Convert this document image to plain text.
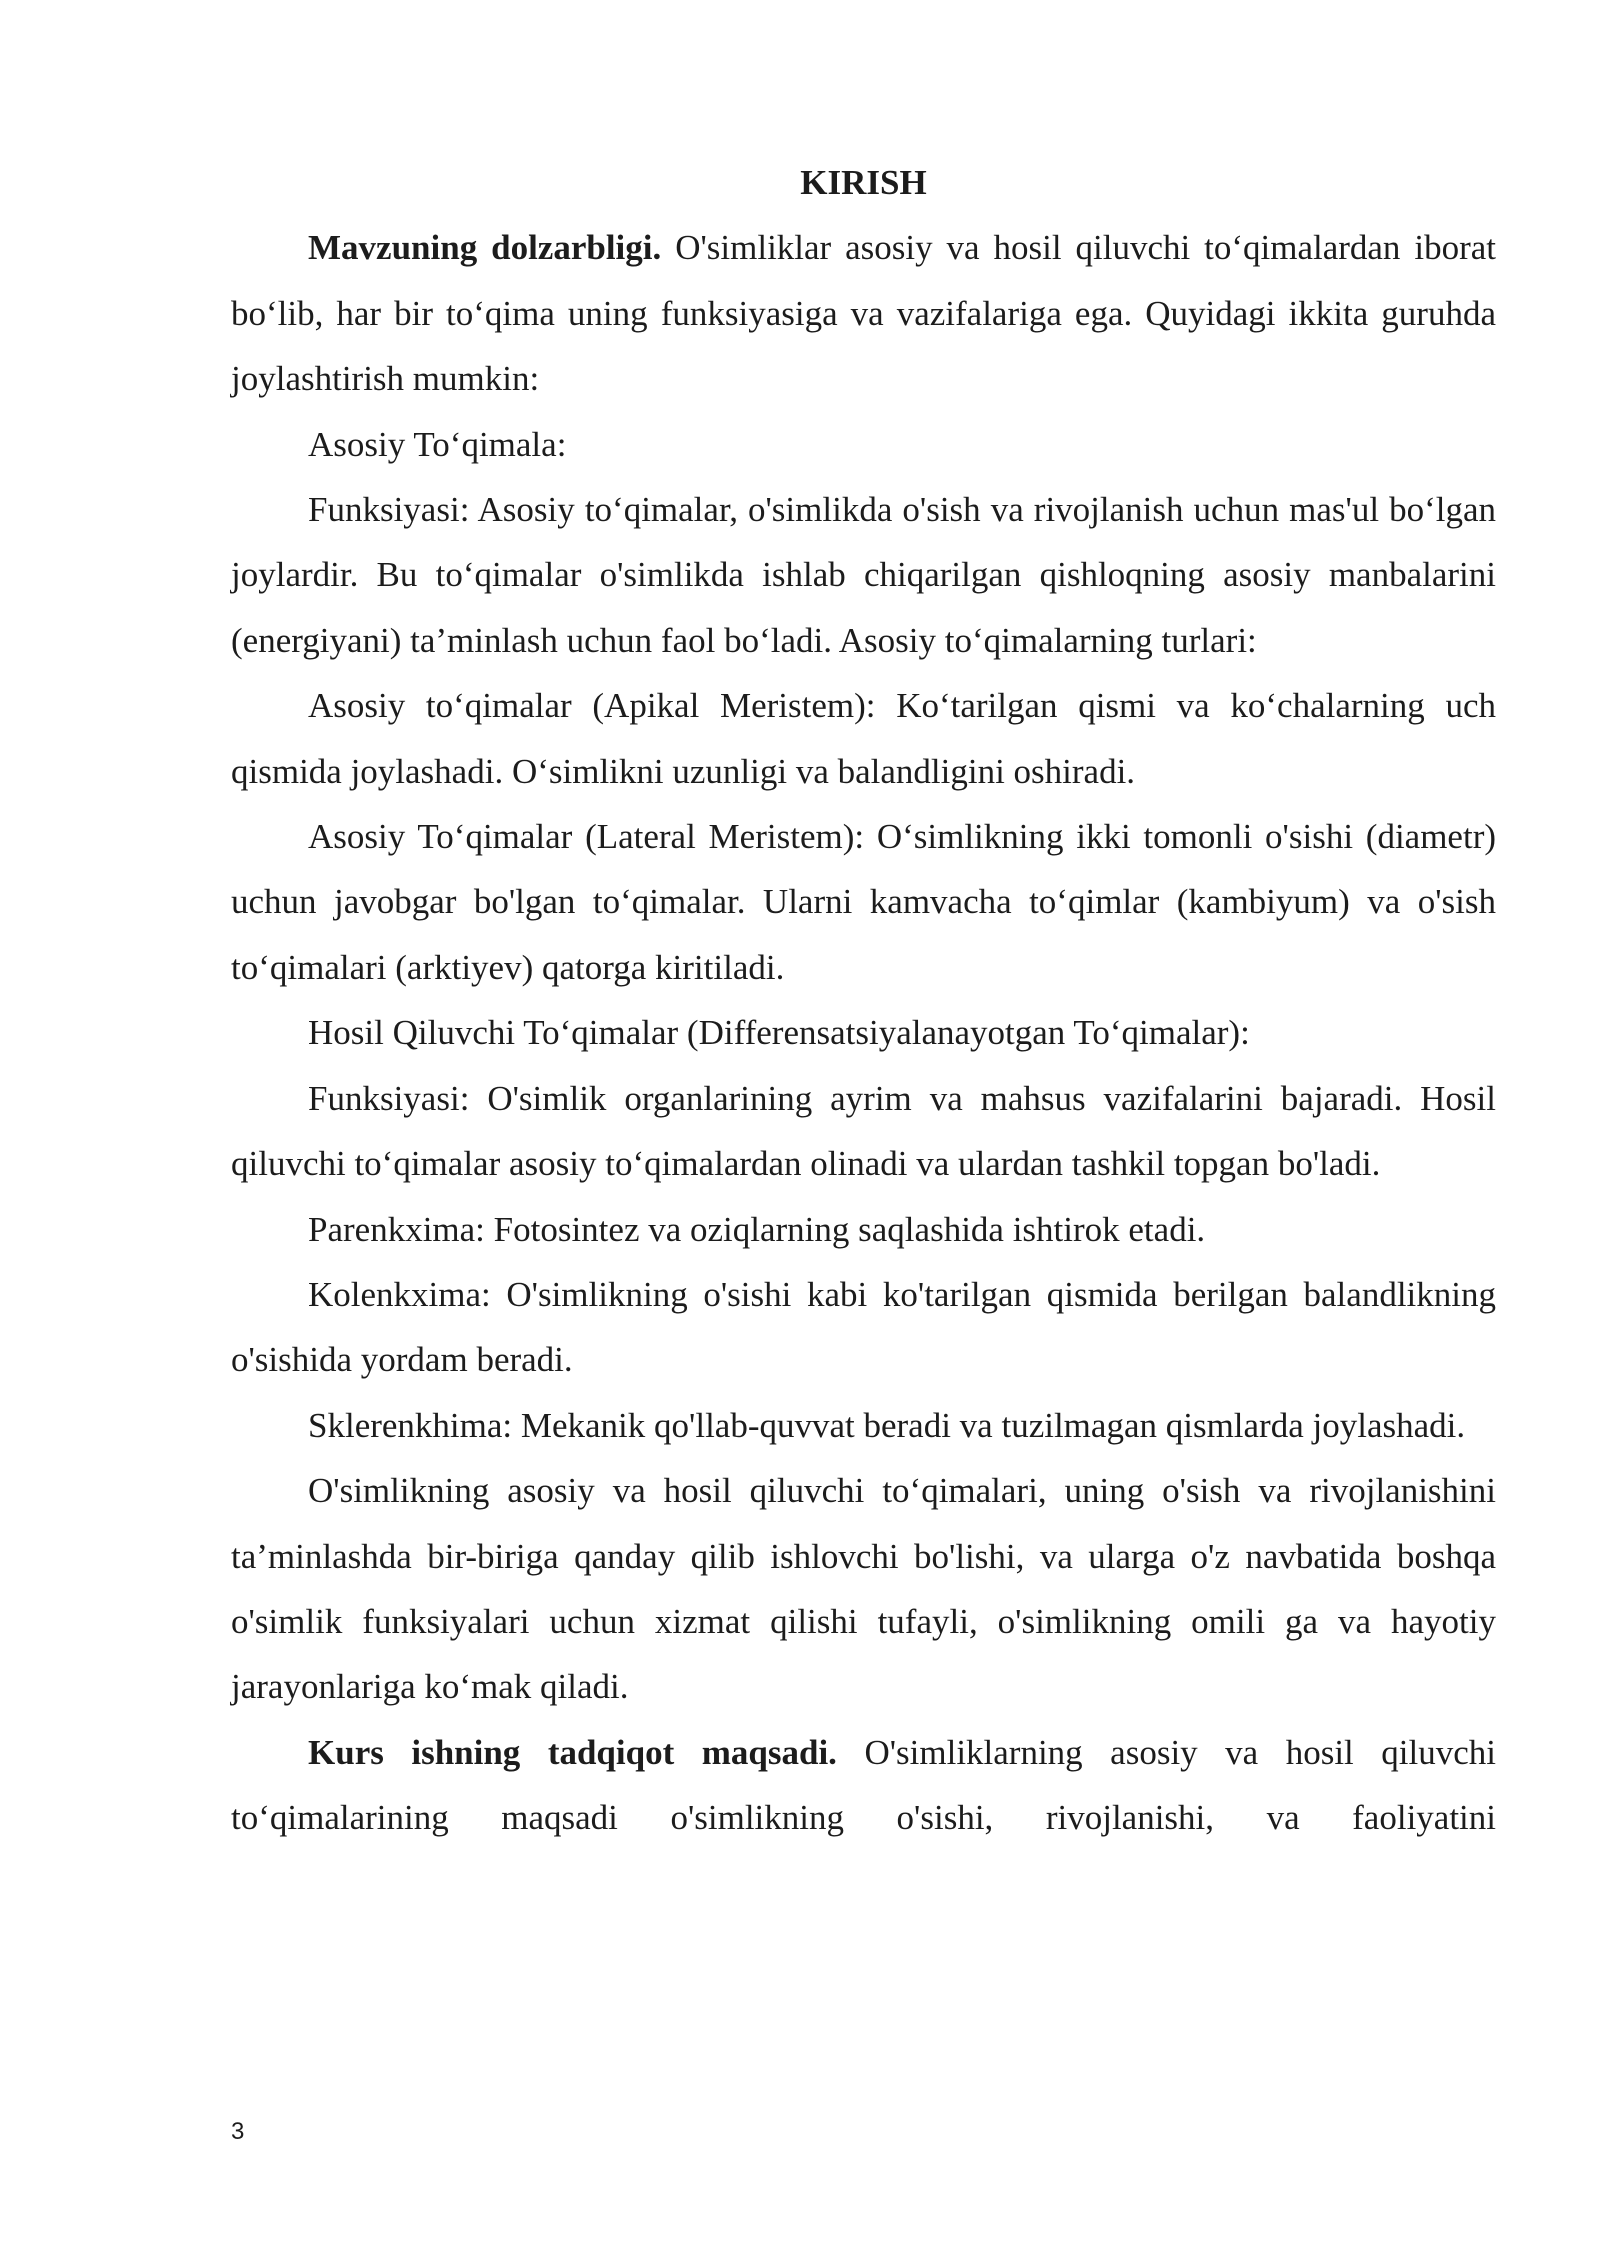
KIRISH

Mavzuning dolzarbligi. O'simliklar asosiy va hosil qiluvchi to‘qimalardan iborat bo‘lib, har bir to‘qima uning funksiyasiga va vazifalariga ega. Quyidagi ikkita guruhda joylashtirish mumkin:

Asosiy To‘qimala:

Funksiyasi: Asosiy to‘qimalar, o'simlikda o'sish va rivojlanish uchun mas'ul bo‘lgan joylardir. Bu to‘qimalar o'simlikda ishlab chiqarilgan qishloqning asosiy manbalarini (energiyani) ta’minlash uchun faol bo‘ladi. Asosiy to‘qimalarning turlari:

Asosiy to‘qimalar (Apikal Meristem): Ko‘tarilgan qismi va ko‘chalarning uch qismida joylashadi. O‘simlikni uzunligi va balandligini oshiradi.

Asosiy To‘qimalar (Lateral Meristem): O‘simlikning ikki tomonli o'sishi (diametr) uchun javobgar bo'lgan to‘qimalar. Ularni kamvacha to‘qimlar (kambiyum) va o'sish to‘qimalari (arktiyev) qatorga kiritiladi.

Hosil Qiluvchi To‘qimalar (Differensatsiyalanayotgan To‘qimalar):

Funksiyasi: O'simlik organlarining ayrim va mahsus vazifalarini bajaradi. Hosil qiluvchi to‘qimalar asosiy to‘qimalardan olinadi va ulardan tashkil topgan bo'ladi.

Parenkxima: Fotosintez va oziqlarning saqlashida ishtirok etadi.

Kolenkxima: O'simlikning o'sishi kabi ko'tarilgan qismida berilgan balandlikning o'sishida yordam beradi.

Sklerenkhima: Mekanik qo'llab-quvvat beradi va tuzilmagan qismlarda joylashadi.

O'simlikning asosiy va hosil qiluvchi to‘qimalari, uning o'sish va rivojlanishini ta’minlashda bir-biriga qanday qilib ishlovchi bo'lishi, va ularga o'z navbatida boshqa o'simlik funksiyalari uchun xizmat qilishi tufayli, o'simlikning omili ga va hayotiy jarayonlariga ko‘mak qiladi.

Kurs ishning tadqiqot maqsadi. O'simliklarning asosiy va hosil qiluvchi to‘qimalarining maqsadi o'simlikning o'sishi, rivojlanishi, va faoliyatini

3
